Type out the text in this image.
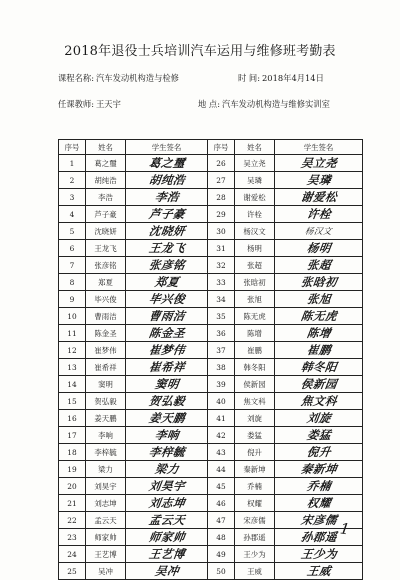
2018年退役士兵培训汽车运用与维修班考勤表
课程名称: 汽车发动机构造与检修	时 间: 2018年4月14日
任课教师: 王天宇	地 点: 汽车发动机构造与维修实训室
序号	姓名	学生签名	序号	姓名	学生签名
1	葛之璽	葛之璽	26	吴立尧	吴立尧
2	胡纯浩	胡纯浩	27	吴璘	吴璘
3	李浩	李浩	28	谢爱松	谢爱松
4	芦子豪	芦子豪	29	许栓	许栓
5	沈晓妍	沈晓妍	30	杨汉文	杨汉文
6	王龙飞	王龙飞	31	杨明	杨明
7	张彦铭	张彦铭	32	张超	张超
8	郑夏	郑夏	33	张晗初	张晗初
9	毕兴俊	毕兴俊	34	张旭	张旭
10	曹雨洁	曹雨洁	35	陈无虎	陈无虎
11	陈金圣	陈金圣	36	陈增	陈增
12	崔梦伟	崔梦伟	37	崔鹏	崔鹏
13	崔希祥	崔希祥	38	韩冬阳	韩冬阳
14	窦明	窦明	39	侯新园	侯新园
15	贺弘毅	贺弘毅	40	焦文科	焦文科
16	姜天鹏	姜天鹏	41	刘旋	刘旋
17	李响	李响	42	娄猛	娄猛
18	李梓毓	李梓毓	43	倪升	倪升
19	梁力	梁力	44	秦新坤	秦新坤
20	刘昊宇	刘昊宇	45	乔楠	乔楠
21	刘志坤	刘志坤	46	权耀	权耀
22	孟云天	孟云天	47	宋彦儒	宋彦儒
23	师家帅	师家帅	48	孙郡遥	孙郡遥
24	王艺博	王艺博	49	王少为	王少为
25	吴冲	吴冲	50	王威	王威
1
